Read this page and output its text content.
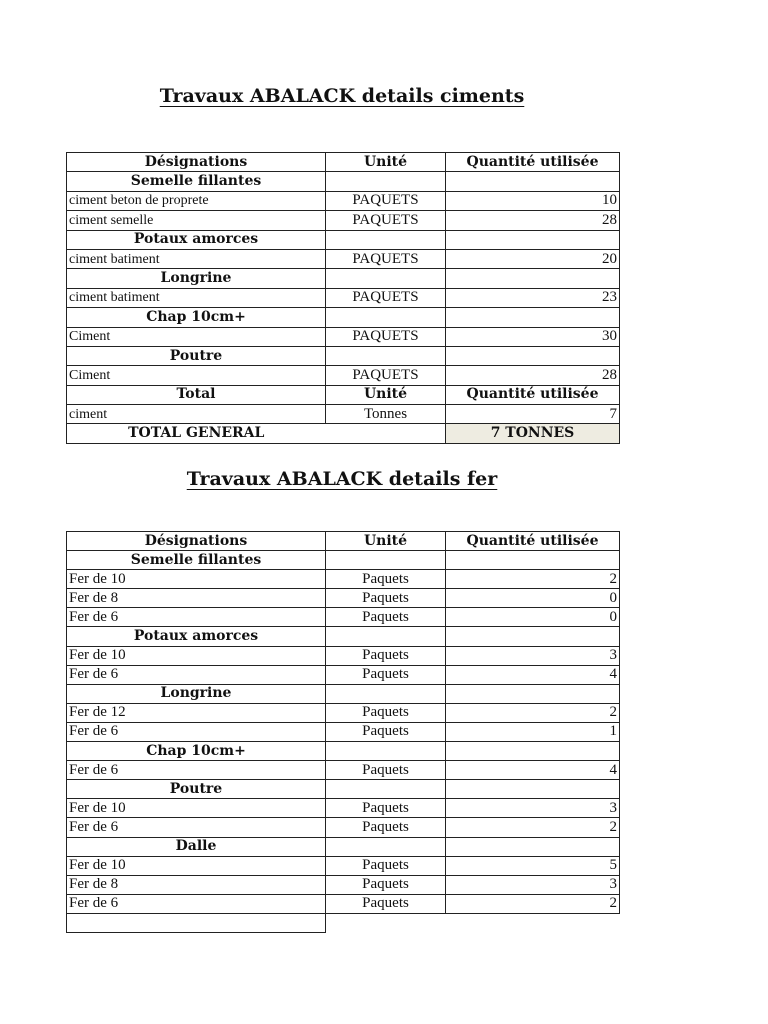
Travaux ABALACK details ciments
Désignations	Unité	Quantité utilisée
Semelle fillantes		
ciment beton de proprete	PAQUETS	10
ciment semelle	PAQUETS	28
Potaux amorces		
ciment batiment	PAQUETS	20
Longrine		
ciment batiment	PAQUETS	23
Chap 10cm+		
Ciment	PAQUETS	30
Poutre		
Ciment	PAQUETS	28
Total	Unité	Quantité utilisée
ciment	Tonnes	7
TOTAL GENERAL		7 TONNES
Travaux ABALACK details fer
Désignations	Unité	Quantité utilisée
Semelle fillantes		
Fer de 10	Paquets	2
Fer de 8	Paquets	0
Fer de 6	Paquets	0
Potaux amorces		
Fer de 10	Paquets	3
Fer de 6	Paquets	4
Longrine		
Fer de 12	Paquets	2
Fer de 6	Paquets	1
Chap 10cm+		
Fer de 6	Paquets	4
Poutre		
Fer de 10	Paquets	3
Fer de 6	Paquets	2
Dalle		
Fer de 10	Paquets	5
Fer de 8	Paquets	3
Fer de 6	Paquets	2
